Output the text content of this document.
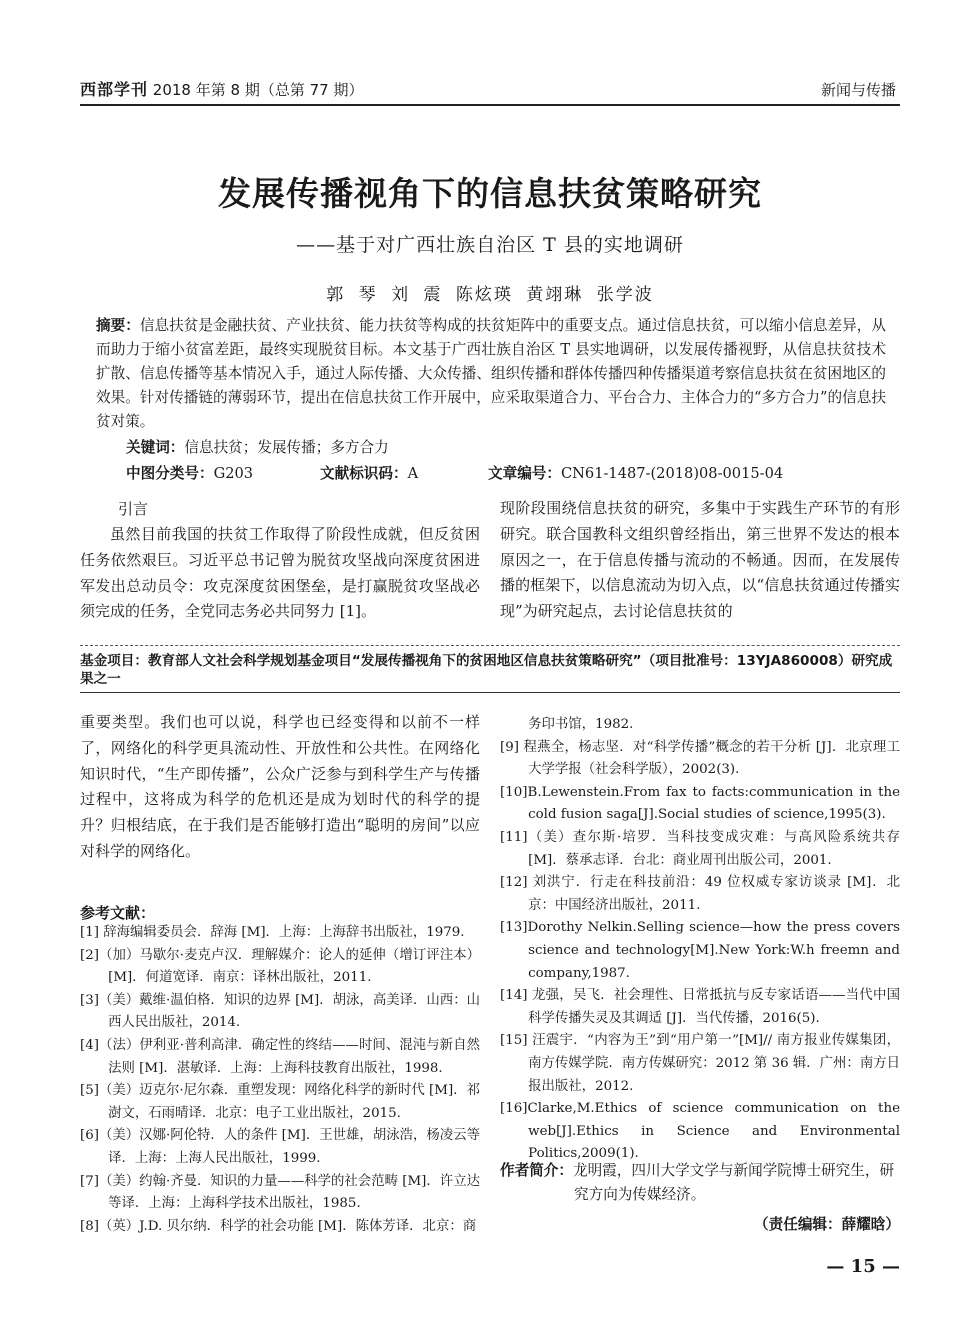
西部学刊 2018 年第 8 期（总第 77 期）	新闻与传播
发展传播视角下的信息扶贫策略研究
——基于对广西壮族自治区 T 县的实地调研
郭 琴 刘 震 陈炫瑛 黄翊琳 张学波
摘要：信息扶贫是金融扶贫、产业扶贫、能力扶贫等构成的扶贫矩阵中的重要支点。通过信息扶贫，可以缩小信息差异，从而助力于缩小贫富差距，最终实现脱贫目标。本文基于广西壮族自治区 T 县实地调研，以发展传播视野，从信息扶贫技术扩散、信息传播等基本情况入手，通过人际传播、大众传播、组织传播和群体传播四种传播渠道考察信息扶贫在贫困地区的效果。针对传播链的薄弱环节，提出在信息扶贫工作开展中，应采取渠道合力、平台合力、主体合力的“多方合力”的信息扶贫对策。
关键词：信息扶贫；发展传播；多方合力
中图分类号：G203	文献标识码：A	文章编号：CN61-1487-(2018)08-0015-04
引言
虽然目前我国的扶贫工作取得了阶段性成就，但反贫困任务依然艰巨。习近平总书记曾为脱贫攻坚战向深度贫困进军发出总动员令：攻克深度贫困堡垒，是打赢脱贫攻坚战必须完成的任务，全党同志务必共同努力 [1]。
现阶段围绕信息扶贫的研究，多集中于实践生产环节的有形研究。联合国教科文组织曾经指出，第三世界不发达的根本原因之一，在于信息传播与流动的不畅通。因而，在发展传播的框架下，以信息流动为切入点，以“信息扶贫通过传播实现”为研究起点，去讨论信息扶贫的
基金项目：教育部人文社会科学规划基金项目“发展传播视角下的贫困地区信息扶贫策略研究”（项目批准号：13YJA860008）研究成果之一
重要类型。我们也可以说，科学也已经变得和以前不一样了，网络化的科学更具流动性、开放性和公共性。在网络化知识时代，“生产即传播”，公众广泛参与到科学生产与传播过程中，这将成为科学的危机还是成为划时代的科学的提升？归根结底，在于我们是否能够打造出“聪明的房间”以应对科学的网络化。
参考文献：
[1] 辞海编辑委员会．辞海 [M]．上海：上海辞书出版社，1979.
[2]（加）马歇尔·麦克卢汉．理解媒介：论人的延伸（增订评注本）[M]．何道宽译．南京：译林出版社，2011.
[3]（美）戴维·温伯格．知识的边界 [M]．胡泳，高美译．山西：山西人民出版社，2014.
[4]（法）伊利亚·普利高津．确定性的终结——时间、混沌与新自然法则 [M]．湛敏译．上海：上海科技教育出版社，1998.
[5]（美）迈克尔·尼尔森．重塑发现：网络化科学的新时代 [M]．祁澍文，石雨晴译．北京：电子工业出版社，2015.
[6]（美）汉娜·阿伦特．人的条件 [M]．王世雄，胡泳浩，杨凌云等译．上海：上海人民出版社，1999.
[7]（美）约翰·齐曼．知识的力量——科学的社会范畴 [M]．许立达等译．上海：上海科学技术出版社，1985.
[8]（英）J.D. 贝尔纳．科学的社会功能 [M]．陈体芳译．北京：商
务印书馆，1982.
[9] 程燕全，杨志坚．对“科学传播”概念的若干分析 [J]．北京理工大学学报（社会科学版），2002(3).
[10]B.Lewenstein.From fax to facts:communication in the cold fusion saga[J].Social studies of science,1995(3).
[11]（美）查尔斯·培罗．当科技变成灾难：与高风险系统共存 [M]．蔡承志译．台北：商业周刊出版公司，2001.
[12] 刘洪宁．行走在科技前沿：49 位权威专家访谈录 [M]．北京：中国经济出版社，2011.
[13]Dorothy Nelkin.Selling science—how the press covers science and technology[M].New York:W.h freemn and company,1987.
[14] 龙强，吴飞．社会理性、日常抵抗与反专家话语——当代中国科学传播失灵及其调适 [J]．当代传播，2016(5).
[15] 汪震宇．“内容为王”到“用户第一”[M]// 南方报业传媒集团，南方传媒学院．南方传媒研究：2012 第 36 辑．广州：南方日报出版社，2012.
[16]Clarke,M.Ethics of science communication on the web[J].Ethics in Science and Environmental Politics,2009(1).
作者简介：龙明霞，四川大学文学与新闻学院博士研究生，研究方向为传媒经济。
（责任编辑：薛耀晗）
— 15 —
